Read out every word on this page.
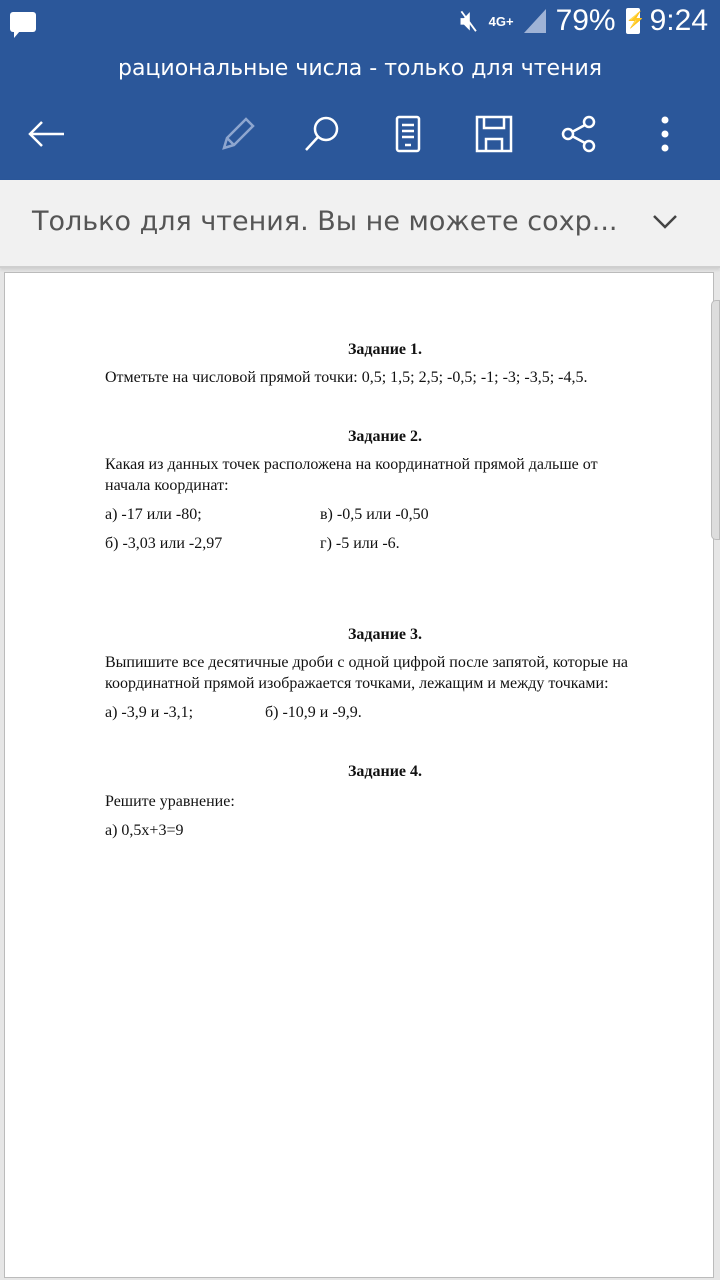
🔇︎ 4G+ 79% ⚡ 9:24
рациональные числа - только для чтения
Только для чтения. Вы не можете сохр...
Задание 1.
Отметьте на числовой прямой точки: 0,5; 1,5; 2,5; -0,5; -1; -3; -3,5; -4,5.
Задание 2.
Какая из данных точек расположена на координатной прямой дальше от начала координат:
а) -17 или -80;	в) -0,5 или -0,50
б) -3,03 или -2,97	г) -5 или -6.
Задание 3.
Выпишите все десятичные дроби с одной цифрой после запятой, которые на координатной прямой изображается точками, лежащим и между точками:
а) -3,9 и -3,1;	б) -10,9 и -9,9.
Задание 4.
Решите уравнение:
а) 0,5x+3=9
